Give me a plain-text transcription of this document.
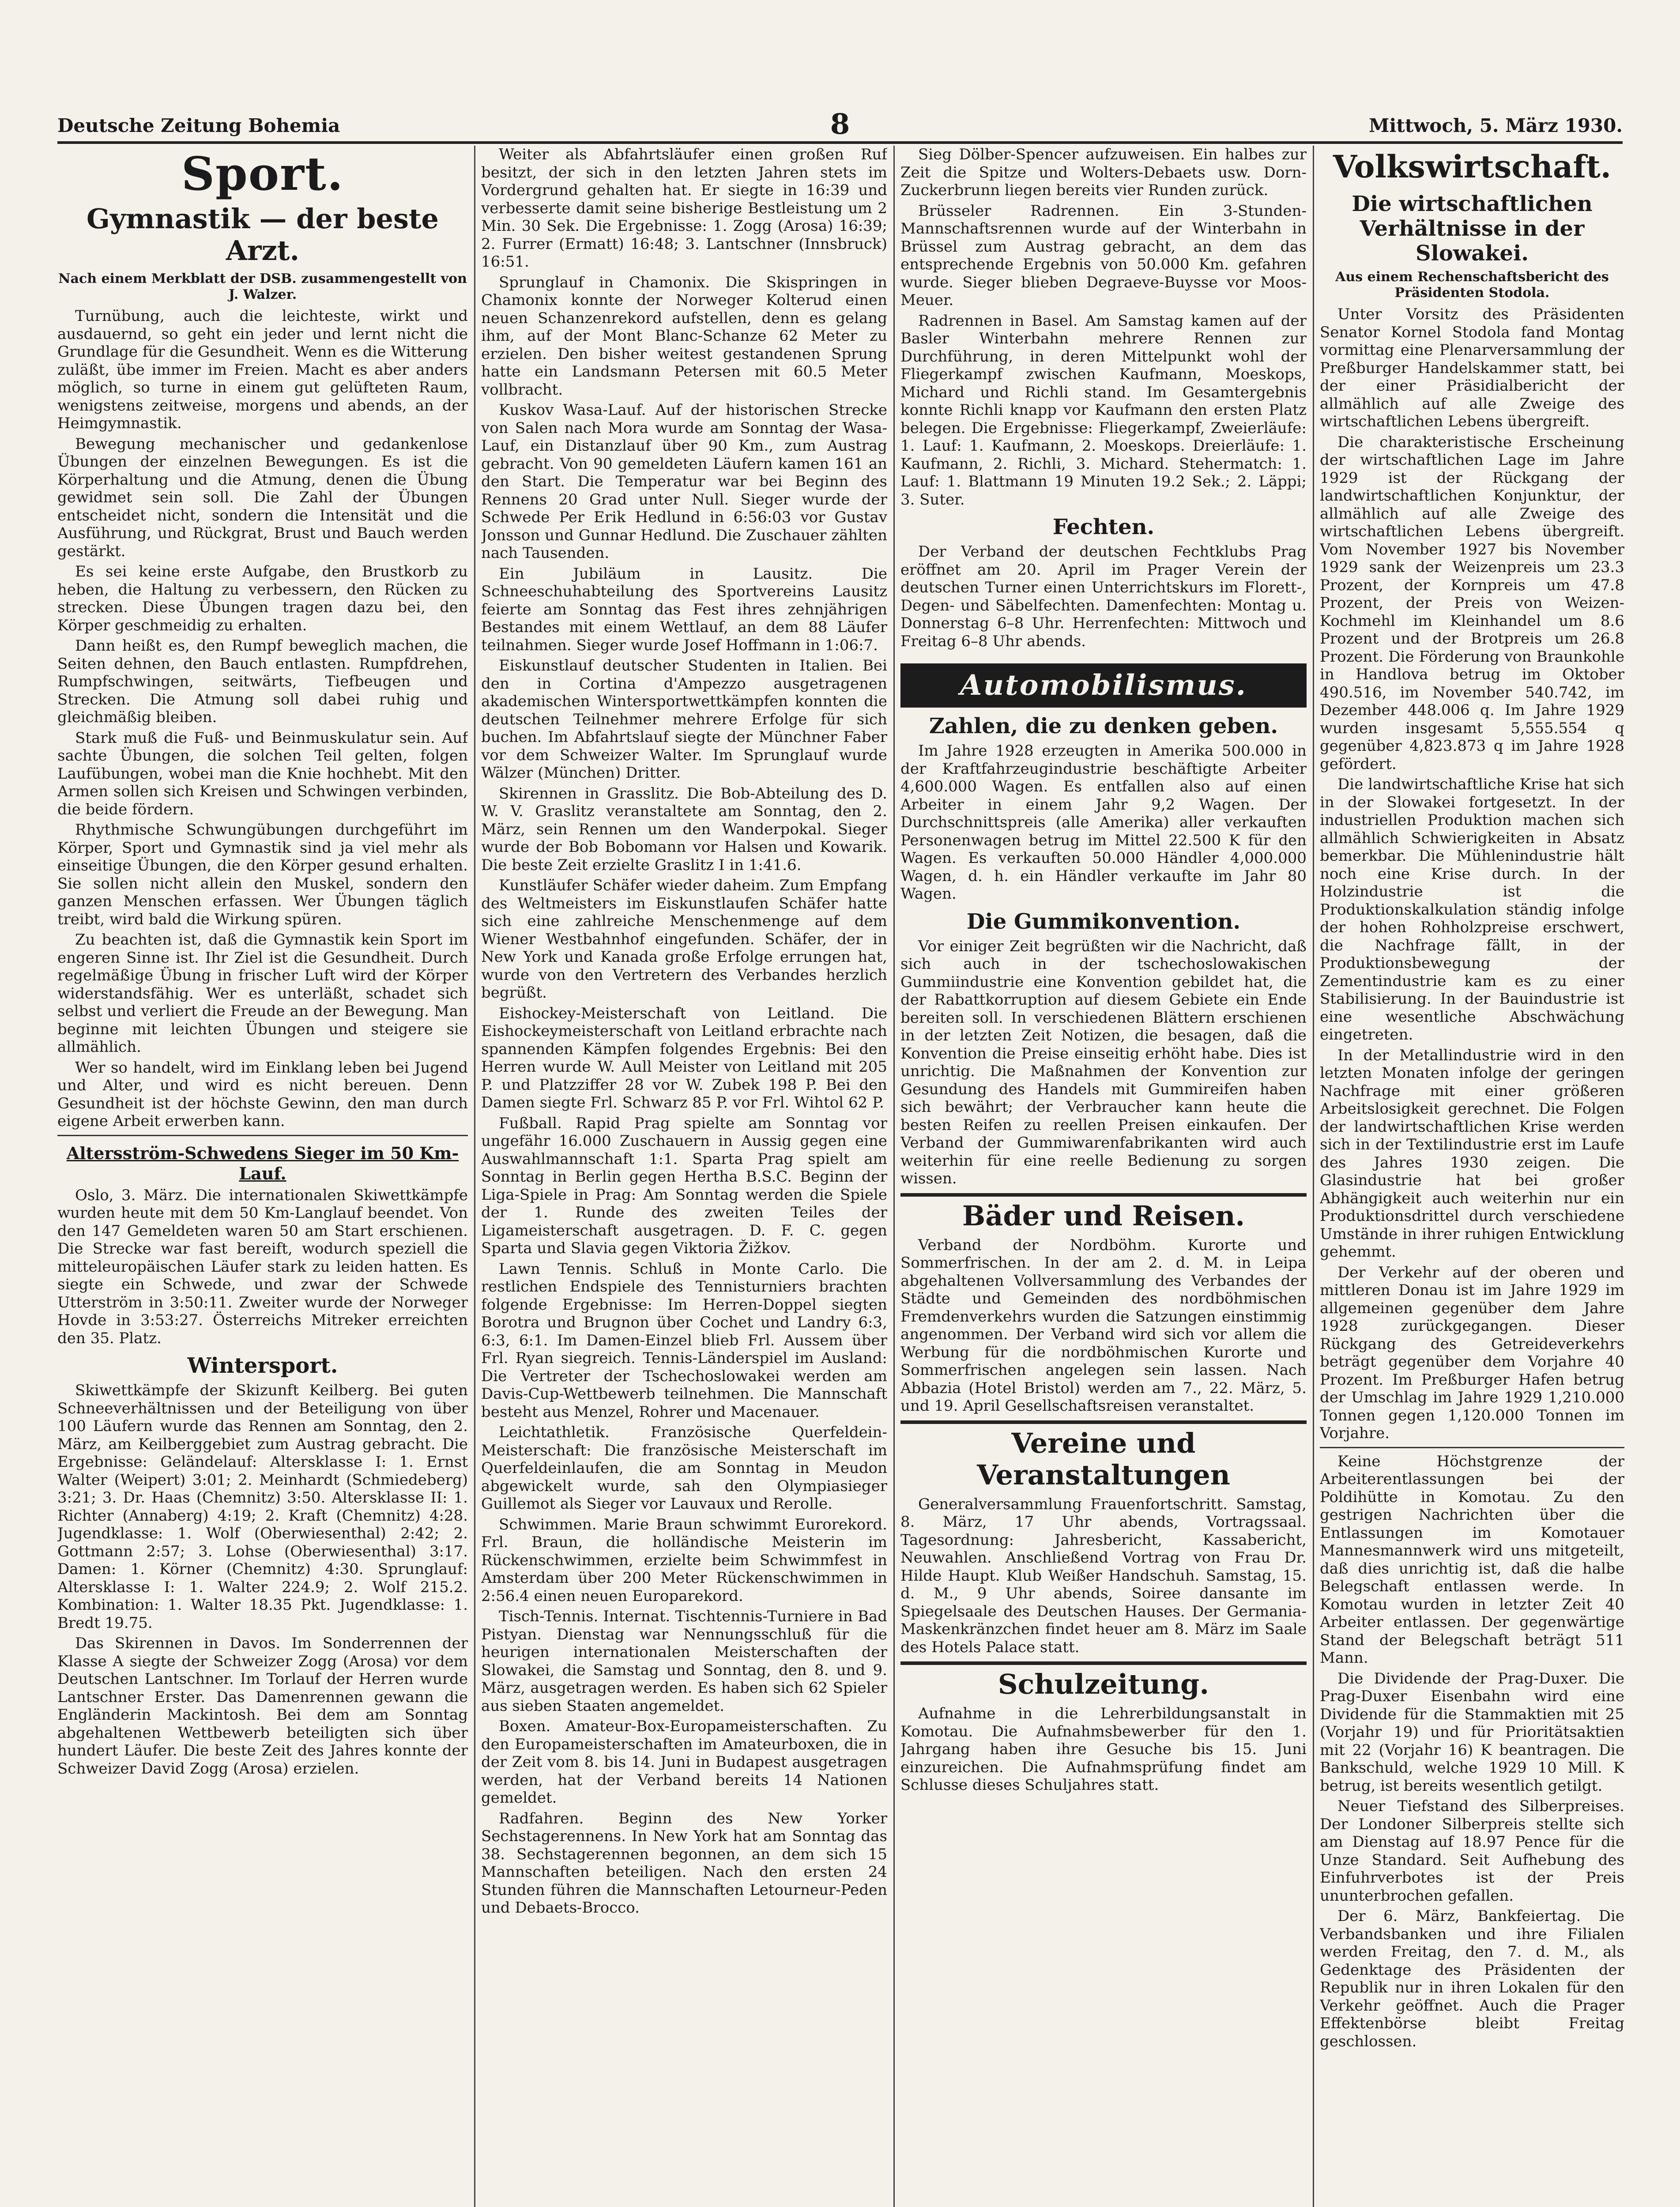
Deutsche Zeitung Bohemia	8	Mittwoch, 5. März 1930.
Sport.
Gymnastik — der beste Arzt.
Nach einem Merkblatt der DSB. zusammengestellt von J. Walzer.

Turnübung, auch die leichteste, wirkt und ausdauernd, so geht ein jeder und lernt nicht die Grundlage für die Gesundheit. Wenn es die Witterung zuläßt, übe immer im Freien. Macht es aber anders möglich, so turne in einem gut gelüfteten Raum, wenigstens zeitweise, morgens und abends, an der Heimgymnastik.

Bewegung mechanischer und gedankenlose Übungen der einzelnen Bewegungen. Es ist die Körperhaltung und die Atmung, denen die Übung gewidmet sein soll. Die Zahl der Übungen entscheidet nicht, sondern die Intensität und die Ausführung, und Rückgrat, Brust und Bauch werden gestärkt.

Es sei keine erste Aufgabe, den Brustkorb zu heben, die Haltung zu verbessern, den Rücken zu strecken. Diese Übungen tragen dazu bei, den Körper geschmeidig zu erhalten.

Dann heißt es, den Rumpf beweglich machen, die Seiten dehnen, den Bauch entlasten. Rumpfdrehen, Rumpfschwingen, seitwärts, Tiefbeugen und Strecken. Die Atmung soll dabei ruhig und gleichmäßig bleiben.

Stark muß die Fuß- und Beinmuskulatur sein. Auf sachte Übungen, die solchen Teil gelten, folgen Laufübungen, wobei man die Knie hochhebt. Mit den Armen sollen sich Kreisen und Schwingen verbinden, die beide fördern.

Rhythmische Schwungübungen durchgeführt im Körper, Sport und Gymnastik sind ja viel mehr als einseitige Übungen, die den Körper gesund erhalten. Sie sollen nicht allein den Muskel, sondern den ganzen Menschen erfassen. Wer Übungen täglich treibt, wird bald die Wirkung spüren.

Zu beachten ist, daß die Gymnastik kein Sport im engeren Sinne ist. Ihr Ziel ist die Gesundheit. Durch regelmäßige Übung in frischer Luft wird der Körper widerstandsfähig. Wer es unterläßt, schadet sich selbst und verliert die Freude an der Bewegung. Man beginne mit leichten Übungen und steigere sie allmählich.

Wer so handelt, wird im Einklang leben bei Jugend und Alter, und wird es nicht bereuen. Denn Gesundheit ist der höchste Gewinn, den man durch eigene Arbeit erwerben kann.

Altersström-Schwedens Sieger im 50 Km-Lauf.

Oslo, 3. März. Die internationalen Skiwettkämpfe wurden heute mit dem 50 Km-Langlauf beendet. Von den 147 Gemeldeten waren 50 am Start erschienen. Die Strecke war fast bereift, wodurch speziell die mitteleuropäischen Läufer stark zu leiden hatten. Es siegte ein Schwede, und zwar der Schwede Utterström in 3:50:11. Zweiter wurde der Norweger Hovde in 3:53:27. Österreichs Mitreker erreichten den 35. Platz.

Wintersport.

Skiwettkämpfe der Skizunft Keilberg. Bei guten Schneeverhältnissen und der Beteiligung von über 100 Läufern wurde das Rennen am Sonntag, den 2. März, am Keilberggebiet zum Austrag gebracht. Die Ergebnisse: Geländelauf: Altersklasse I: 1. Ernst Walter (Weipert) 3:01; 2. Meinhardt (Schmiedeberg) 3:21; 3. Dr. Haas (Chemnitz) 3:50. Altersklasse II: 1. Richter (Annaberg) 4:19; 2. Kraft (Chemnitz) 4:28. Jugendklasse: 1. Wolf (Oberwiesenthal) 2:42; 2. Gottmann 2:57; 3. Lohse (Oberwiesenthal) 3:17. Damen: 1. Körner (Chemnitz) 4:30. Sprunglauf: Altersklasse I: 1. Walter 224.9; 2. Wolf 215.2. Kombination: 1. Walter 18.35 Pkt. Jugendklasse: 1. Bredt 19.75.

Das Skirennen in Davos. Im Sonderrennen der Klasse A siegte der Schweizer Zogg (Arosa) vor dem Deutschen Lantschner. Im Torlauf der Herren wurde Lantschner Erster. Das Damenrennen gewann die Engländerin Mackintosh. Bei dem am Sonntag abgehaltenen Wettbewerb beteiligten sich über hundert Läufer. Die beste Zeit des Jahres konnte der Schweizer David Zogg (Arosa) erzielen.

Weiter als Abfahrtsläufer einen großen Ruf besitzt, der sich in den letzten Jahren stets im Vordergrund gehalten hat. Er siegte in 16:39 und verbesserte damit seine bisherige Bestleistung um 2 Min. 30 Sek. Die Ergebnisse: 1. Zogg (Arosa) 16:39; 2. Furrer (Ermatt) 16:48; 3. Lantschner (Innsbruck) 16:51.

Sprunglauf in Chamonix. Die Skispringen in Chamonix konnte der Norweger Kolterud einen neuen Schanzenrekord aufstellen, denn es gelang ihm, auf der Mont Blanc-Schanze 62 Meter zu erzielen. Den bisher weitest gestandenen Sprung hatte ein Landsmann Petersen mit 60.5 Meter vollbracht.

Kuskov Wasa-Lauf. Auf der historischen Strecke von Salen nach Mora wurde am Sonntag der Wasa-Lauf, ein Distanzlauf über 90 Km., zum Austrag gebracht. Von 90 gemeldeten Läufern kamen 161 an den Start. Die Temperatur war bei Beginn des Rennens 20 Grad unter Null. Sieger wurde der Schwede Per Erik Hedlund in 6:56:03 vor Gustav Jonsson und Gunnar Hedlund. Die Zuschauer zählten nach Tausenden.

Ein Jubiläum in Lausitz. Die Schneeschuhabteilung des Sportvereins Lausitz feierte am Sonntag das Fest ihres zehnjährigen Bestandes mit einem Wettlauf, an dem 88 Läufer teilnahmen. Sieger wurde Josef Hoffmann in 1:06:7.

Eiskunstlauf deutscher Studenten in Italien. Bei den in Cortina d'Ampezzo ausgetragenen akademischen Wintersportwettkämpfen konnten die deutschen Teilnehmer mehrere Erfolge für sich buchen. Im Abfahrtslauf siegte der Münchner Faber vor dem Schweizer Walter. Im Sprunglauf wurde Wälzer (München) Dritter.

Skirennen in Grasslitz. Die Bob-Abteilung des D. W. V. Graslitz veranstaltete am Sonntag, den 2. März, sein Rennen um den Wanderpokal. Sieger wurde der Bob Bobomann vor Halsen und Kowarik. Die beste Zeit erzielte Graslitz I in 1:41.6.

Kunstläufer Schäfer wieder daheim. Zum Empfang des Weltmeisters im Eiskunstlaufen Schäfer hatte sich eine zahlreiche Menschenmenge auf dem Wiener Westbahnhof eingefunden. Schäfer, der in New York und Kanada große Erfolge errungen hat, wurde von den Vertretern des Verbandes herzlich begrüßt.

Eishockey-Meisterschaft von Leitland. Die Eishockeymeisterschaft von Leitland erbrachte nach spannenden Kämpfen folgendes Ergebnis: Bei den Herren wurde W. Aull Meister von Leitland mit 205 P. und Platzziffer 28 vor W. Zubek 198 P. Bei den Damen siegte Frl. Schwarz 85 P. vor Frl. Wihtol 62 P.

Fußball. Rapid Prag spielte am Sonntag vor ungefähr 16.000 Zuschauern in Aussig gegen eine Auswahlmannschaft 1:1. Sparta Prag spielt am Sonntag in Berlin gegen Hertha B.S.C. Beginn der Liga-Spiele in Prag: Am Sonntag werden die Spiele der 1. Runde des zweiten Teiles der Ligameisterschaft ausgetragen. D. F. C. gegen Sparta und Slavia gegen Viktoria Žižkov.

Lawn Tennis. Schluß in Monte Carlo. Die restlichen Endspiele des Tennisturniers brachten folgende Ergebnisse: Im Herren-Doppel siegten Borotra und Brugnon über Cochet und Landry 6:3, 6:3, 6:1. Im Damen-Einzel blieb Frl. Aussem über Frl. Ryan siegreich. Tennis-Länderspiel im Ausland: Die Vertreter der Tschechoslowakei werden am Davis-Cup-Wettbewerb teilnehmen. Die Mannschaft besteht aus Menzel, Rohrer und Macenauer.

Leichtathletik. Französische Querfeldein-Meisterschaft: Die französische Meisterschaft im Querfeldeinlaufen, die am Sonntag in Meudon abgewickelt wurde, sah den Olympiasieger Guillemot als Sieger vor Lauvaux und Rerolle.

Schwimmen. Marie Braun schwimmt Eurorekord. Frl. Braun, die holländische Meisterin im Rückenschwimmen, erzielte beim Schwimmfest in Amsterdam über 200 Meter Rückenschwimmen in 2:56.4 einen neuen Europarekord.

Tisch-Tennis. Internat. Tischtennis-Turniere in Bad Pistyan. Dienstag war Nennungsschluß für die heurigen internationalen Meisterschaften der Slowakei, die Samstag und Sonntag, den 8. und 9. März, ausgetragen werden. Es haben sich 62 Spieler aus sieben Staaten angemeldet.

Boxen. Amateur-Box-Europameisterschaften. Zu den Europameisterschaften im Amateurboxen, die in der Zeit vom 8. bis 14. Juni in Budapest ausgetragen werden, hat der Verband bereits 14 Nationen gemeldet.

Radfahren. Beginn des New Yorker Sechstagerennens. In New York hat am Sonntag das 38. Sechstagerennen begonnen, an dem sich 15 Mannschaften beteiligen. Nach den ersten 24 Stunden führen die Mannschaften Letourneur-Peden und Debaets-Brocco.

Sieg Dölber-Spencer aufzuweisen. Ein halbes zur Zeit die Spitze und Wolters-Debaets usw. Dorn-Zuckerbrunn liegen bereits vier Runden zurück.

Brüsseler Radrennen. Ein 3-Stunden-Mannschaftsrennen wurde auf der Winterbahn in Brüssel zum Austrag gebracht, an dem das entsprechende Ergebnis von 50.000 Km. gefahren wurde. Sieger blieben Degraeve-Buysse vor Moos-Meuer.

Radrennen in Basel. Am Samstag kamen auf der Basler Winterbahn mehrere Rennen zur Durchführung, in deren Mittelpunkt wohl der Fliegerkampf zwischen Kaufmann, Moeskops, Michard und Richli stand. Im Gesamtergebnis konnte Richli knapp vor Kaufmann den ersten Platz belegen. Die Ergebnisse: Fliegerkampf, Zweierläufe: 1. Lauf: 1. Kaufmann, 2. Moeskops. Dreierläufe: 1. Kaufmann, 2. Richli, 3. Michard. Stehermatch: 1. Lauf: 1. Blattmann 19 Minuten 19.2 Sek.; 2. Läppi; 3. Suter.

Fechten.

Der Verband der deutschen Fechtklubs Prag eröffnet am 20. April im Prager Verein der deutschen Turner einen Unterrichtskurs im Florett-, Degen- und Säbelfechten. Damenfechten: Montag u. Donnerstag 6–8 Uhr. Herrenfechten: Mittwoch und Freitag 6–8 Uhr abends.

Automobilismus.
Zahlen, die zu denken geben.

Im Jahre 1928 erzeugten in Amerika 500.000 in der Kraftfahrzeugindustrie beschäftigte Arbeiter 4,600.000 Wagen. Es entfallen also auf einen Arbeiter in einem Jahr 9,2 Wagen. Der Durchschnittspreis (alle Amerika) aller verkauften Personenwagen betrug im Mittel 22.500 K für den Wagen. Es verkauften 50.000 Händler 4,000.000 Wagen, d. h. ein Händler verkaufte im Jahr 80 Wagen.

Die Gummikonvention.

Vor einiger Zeit begrüßten wir die Nachricht, daß sich auch in der tschechoslowakischen Gummiindustrie eine Konvention gebildet hat, die der Rabattkorruption auf diesem Gebiete ein Ende bereiten soll. In verschiedenen Blättern erschienen in der letzten Zeit Notizen, die besagen, daß die Konvention die Preise einseitig erhöht habe. Dies ist unrichtig. Die Maßnahmen der Konvention zur Gesundung des Handels mit Gummireifen haben sich bewährt; der Verbraucher kann heute die besten Reifen zu reellen Preisen einkaufen. Der Verband der Gummiwarenfabrikanten wird auch weiterhin für eine reelle Bedienung zu sorgen wissen.

Bäder und Reisen.

Verband der Nordböhm. Kurorte und Sommerfrischen. In der am 2. d. M. in Leipa abgehaltenen Vollversammlung des Verbandes der Städte und Gemeinden des nordböhmischen Fremdenverkehrs wurden die Satzungen einstimmig angenommen. Der Verband wird sich vor allem die Werbung für die nordböhmischen Kurorte und Sommerfrischen angelegen sein lassen. Nach Abbazia (Hotel Bristol) werden am 7., 22. März, 5. und 19. April Gesellschaftsreisen veranstaltet.

Vereine und Veranstaltungen

Generalversammlung Frauenfortschritt. Samstag, 8. März, 17 Uhr abends, Vortragssaal. Tagesordnung: Jahresbericht, Kassabericht, Neuwahlen. Anschließend Vortrag von Frau Dr. Hilde Haupt. Klub Weißer Handschuh. Samstag, 15. d. M., 9 Uhr abends, Soiree dansante im Spiegelsaale des Deutschen Hauses. Der Germania-Maskenkränzchen findet heuer am 8. März im Saale des Hotels Palace statt.

Schulzeitung.

Aufnahme in die Lehrerbildungsanstalt in Komotau. Die Aufnahmsbewerber für den 1. Jahrgang haben ihre Gesuche bis 15. Juni einzureichen. Die Aufnahmsprüfung findet am Schlusse dieses Schuljahres statt.

Volkswirtschaft.
Die wirtschaftlichen Verhältnisse in der Slowakei.
Aus einem Rechenschaftsbericht des Präsidenten Stodola.

Unter Vorsitz des Präsidenten Senator Kornel Stodola fand Montag vormittag eine Plenarversammlung der Preßburger Handelskammer statt, bei der einer Präsidialbericht der allmählich auf alle Zweige des wirtschaftlichen Lebens übergreift.

Die charakteristische Erscheinung der wirtschaftlichen Lage im Jahre 1929 ist der Rückgang der landwirtschaftlichen Konjunktur, der allmählich auf alle Zweige des wirtschaftlichen Lebens übergreift. Vom November 1927 bis November 1929 sank der Weizenpreis um 23.3 Prozent, der Kornpreis um 47.8 Prozent, der Preis von Weizen-Kochmehl im Kleinhandel um 8.6 Prozent und der Brotpreis um 26.8 Prozent. Die Förderung von Braunkohle in Handlova betrug im Oktober 490.516, im November 540.742, im Dezember 448.006 q. Im Jahre 1929 wurden insgesamt 5,555.554 q gegenüber 4,823.873 q im Jahre 1928 gefördert.

Die landwirtschaftliche Krise hat sich in der Slowakei fortgesetzt. In der industriellen Produktion machen sich allmählich Schwierigkeiten in Absatz bemerkbar. Die Mühlenindustrie hält noch eine Krise durch. In der Holzindustrie ist die Produktionskalkulation ständig infolge der hohen Rohholzpreise erschwert, die Nachfrage fällt, in der Produktionsbewegung der Zementindustrie kam es zu einer Stabilisierung. In der Bauindustrie ist eine wesentliche Abschwächung eingetreten.

In der Metallindustrie wird in den letzten Monaten infolge der geringen Nachfrage mit einer größeren Arbeitslosigkeit gerechnet. Die Folgen der landwirtschaftlichen Krise werden sich in der Textilindustrie erst im Laufe des Jahres 1930 zeigen. Die Glasindustrie hat bei großer Abhängigkeit auch weiterhin nur ein Produktionsdrittel durch verschiedene Umstände in ihrer ruhigen Entwicklung gehemmt.

Der Verkehr auf der oberen und mittleren Donau ist im Jahre 1929 im allgemeinen gegenüber dem Jahre 1928 zurückgegangen. Dieser Rückgang des Getreideverkehrs beträgt gegenüber dem Vorjahre 40 Prozent. Im Preßburger Hafen betrug der Umschlag im Jahre 1929 1,210.000 Tonnen gegen 1,120.000 Tonnen im Vorjahre.

Keine Höchstgrenze der Arbeiterentlassungen bei der Poldihütte in Komotau. Zu den gestrigen Nachrichten über die Entlassungen im Komotauer Mannesmannwerk wird uns mitgeteilt, daß dies unrichtig ist, daß die halbe Belegschaft entlassen werde. In Komotau wurden in letzter Zeit 40 Arbeiter entlassen. Der gegenwärtige Stand der Belegschaft beträgt 511 Mann.

Die Dividende der Prag-Duxer. Die Prag-Duxer Eisenbahn wird eine Dividende für die Stammaktien mit 25 (Vorjahr 19) und für Prioritätsaktien mit 22 (Vorjahr 16) K beantragen. Die Bankschuld, welche 1929 10 Mill. K betrug, ist bereits wesentlich getilgt.

Neuer Tiefstand des Silberpreises. Der Londoner Silberpreis stellte sich am Dienstag auf 18.97 Pence für die Unze Standard. Seit Aufhebung des Einfuhrverbotes ist der Preis ununterbrochen gefallen.

Der 6. März, Bankfeiertag. Die Verbandsbanken und ihre Filialen werden Freitag, den 7. d. M., als Gedenktage des Präsidenten der Republik nur in ihren Lokalen für den Verkehr geöffnet. Auch die Prager Effektenbörse bleibt Freitag geschlossen.
